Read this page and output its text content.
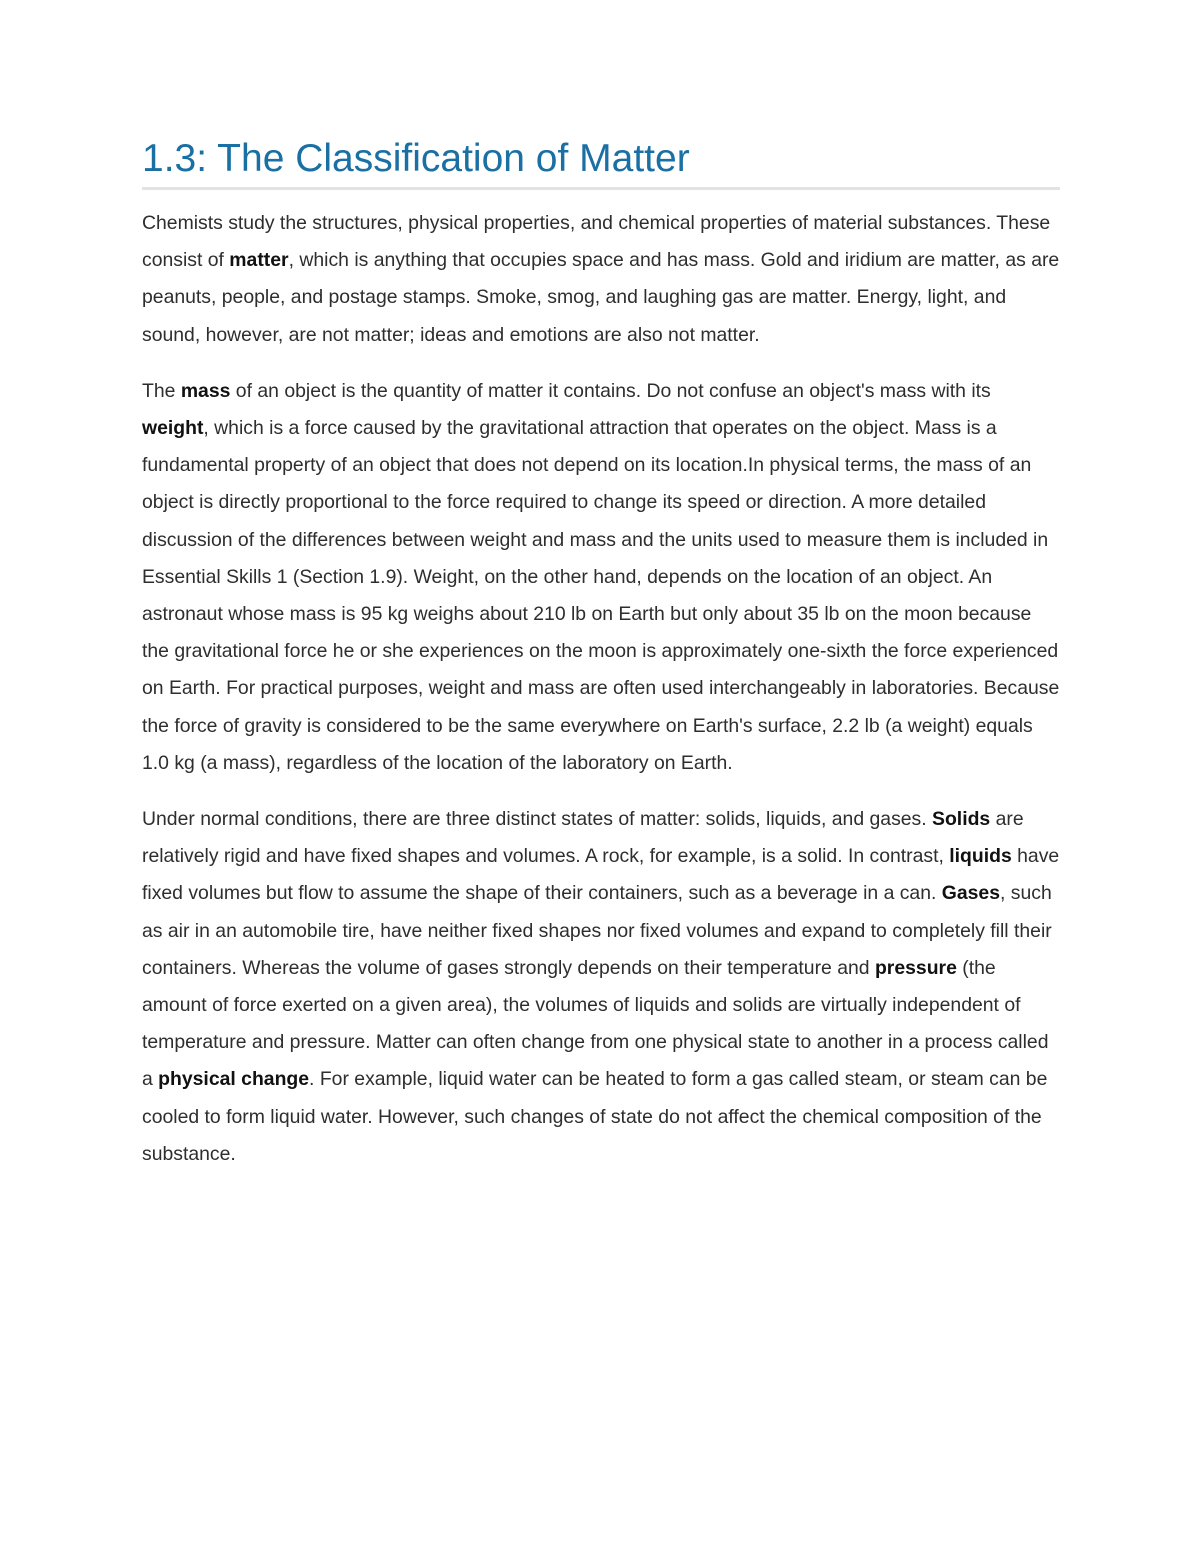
1.3: The Classification of Matter

Chemists study the structures, physical properties, and chemical properties of material substances. These consist of matter, which is anything that occupies space and has mass. Gold and iridium are matter, as are peanuts, people, and postage stamps. Smoke, smog, and laughing gas are matter. Energy, light, and sound, however, are not matter; ideas and emotions are also not matter.

The mass of an object is the quantity of matter it contains. Do not confuse an object's mass with its weight, which is a force caused by the gravitational attraction that operates on the object. Mass is a fundamental property of an object that does not depend on its location.In physical terms, the mass of an object is directly proportional to the force required to change its speed or direction. A more detailed discussion of the differences between weight and mass and the units used to measure them is included in Essential Skills 1 (Section 1.9). Weight, on the other hand, depends on the location of an object. An astronaut whose mass is 95 kg weighs about 210 lb on Earth but only about 35 lb on the moon because the gravitational force he or she experiences on the moon is approximately one-sixth the force experienced on Earth. For practical purposes, weight and mass are often used interchangeably in laboratories. Because the force of gravity is considered to be the same everywhere on Earth's surface, 2.2 lb (a weight) equals 1.0 kg (a mass), regardless of the location of the laboratory on Earth.

Under normal conditions, there are three distinct states of matter: solids, liquids, and gases. Solids are relatively rigid and have fixed shapes and volumes. A rock, for example, is a solid. In contrast, liquids have fixed volumes but flow to assume the shape of their containers, such as a beverage in a can. Gases, such as air in an automobile tire, have neither fixed shapes nor fixed volumes and expand to completely fill their containers. Whereas the volume of gases strongly depends on their temperature and pressure (the amount of force exerted on a given area), the volumes of liquids and solids are virtually independent of temperature and pressure. Matter can often change from one physical state to another in a process called a physical change. For example, liquid water can be heated to form a gas called steam, or steam can be cooled to form liquid water. However, such changes of state do not affect the chemical composition of the substance.
